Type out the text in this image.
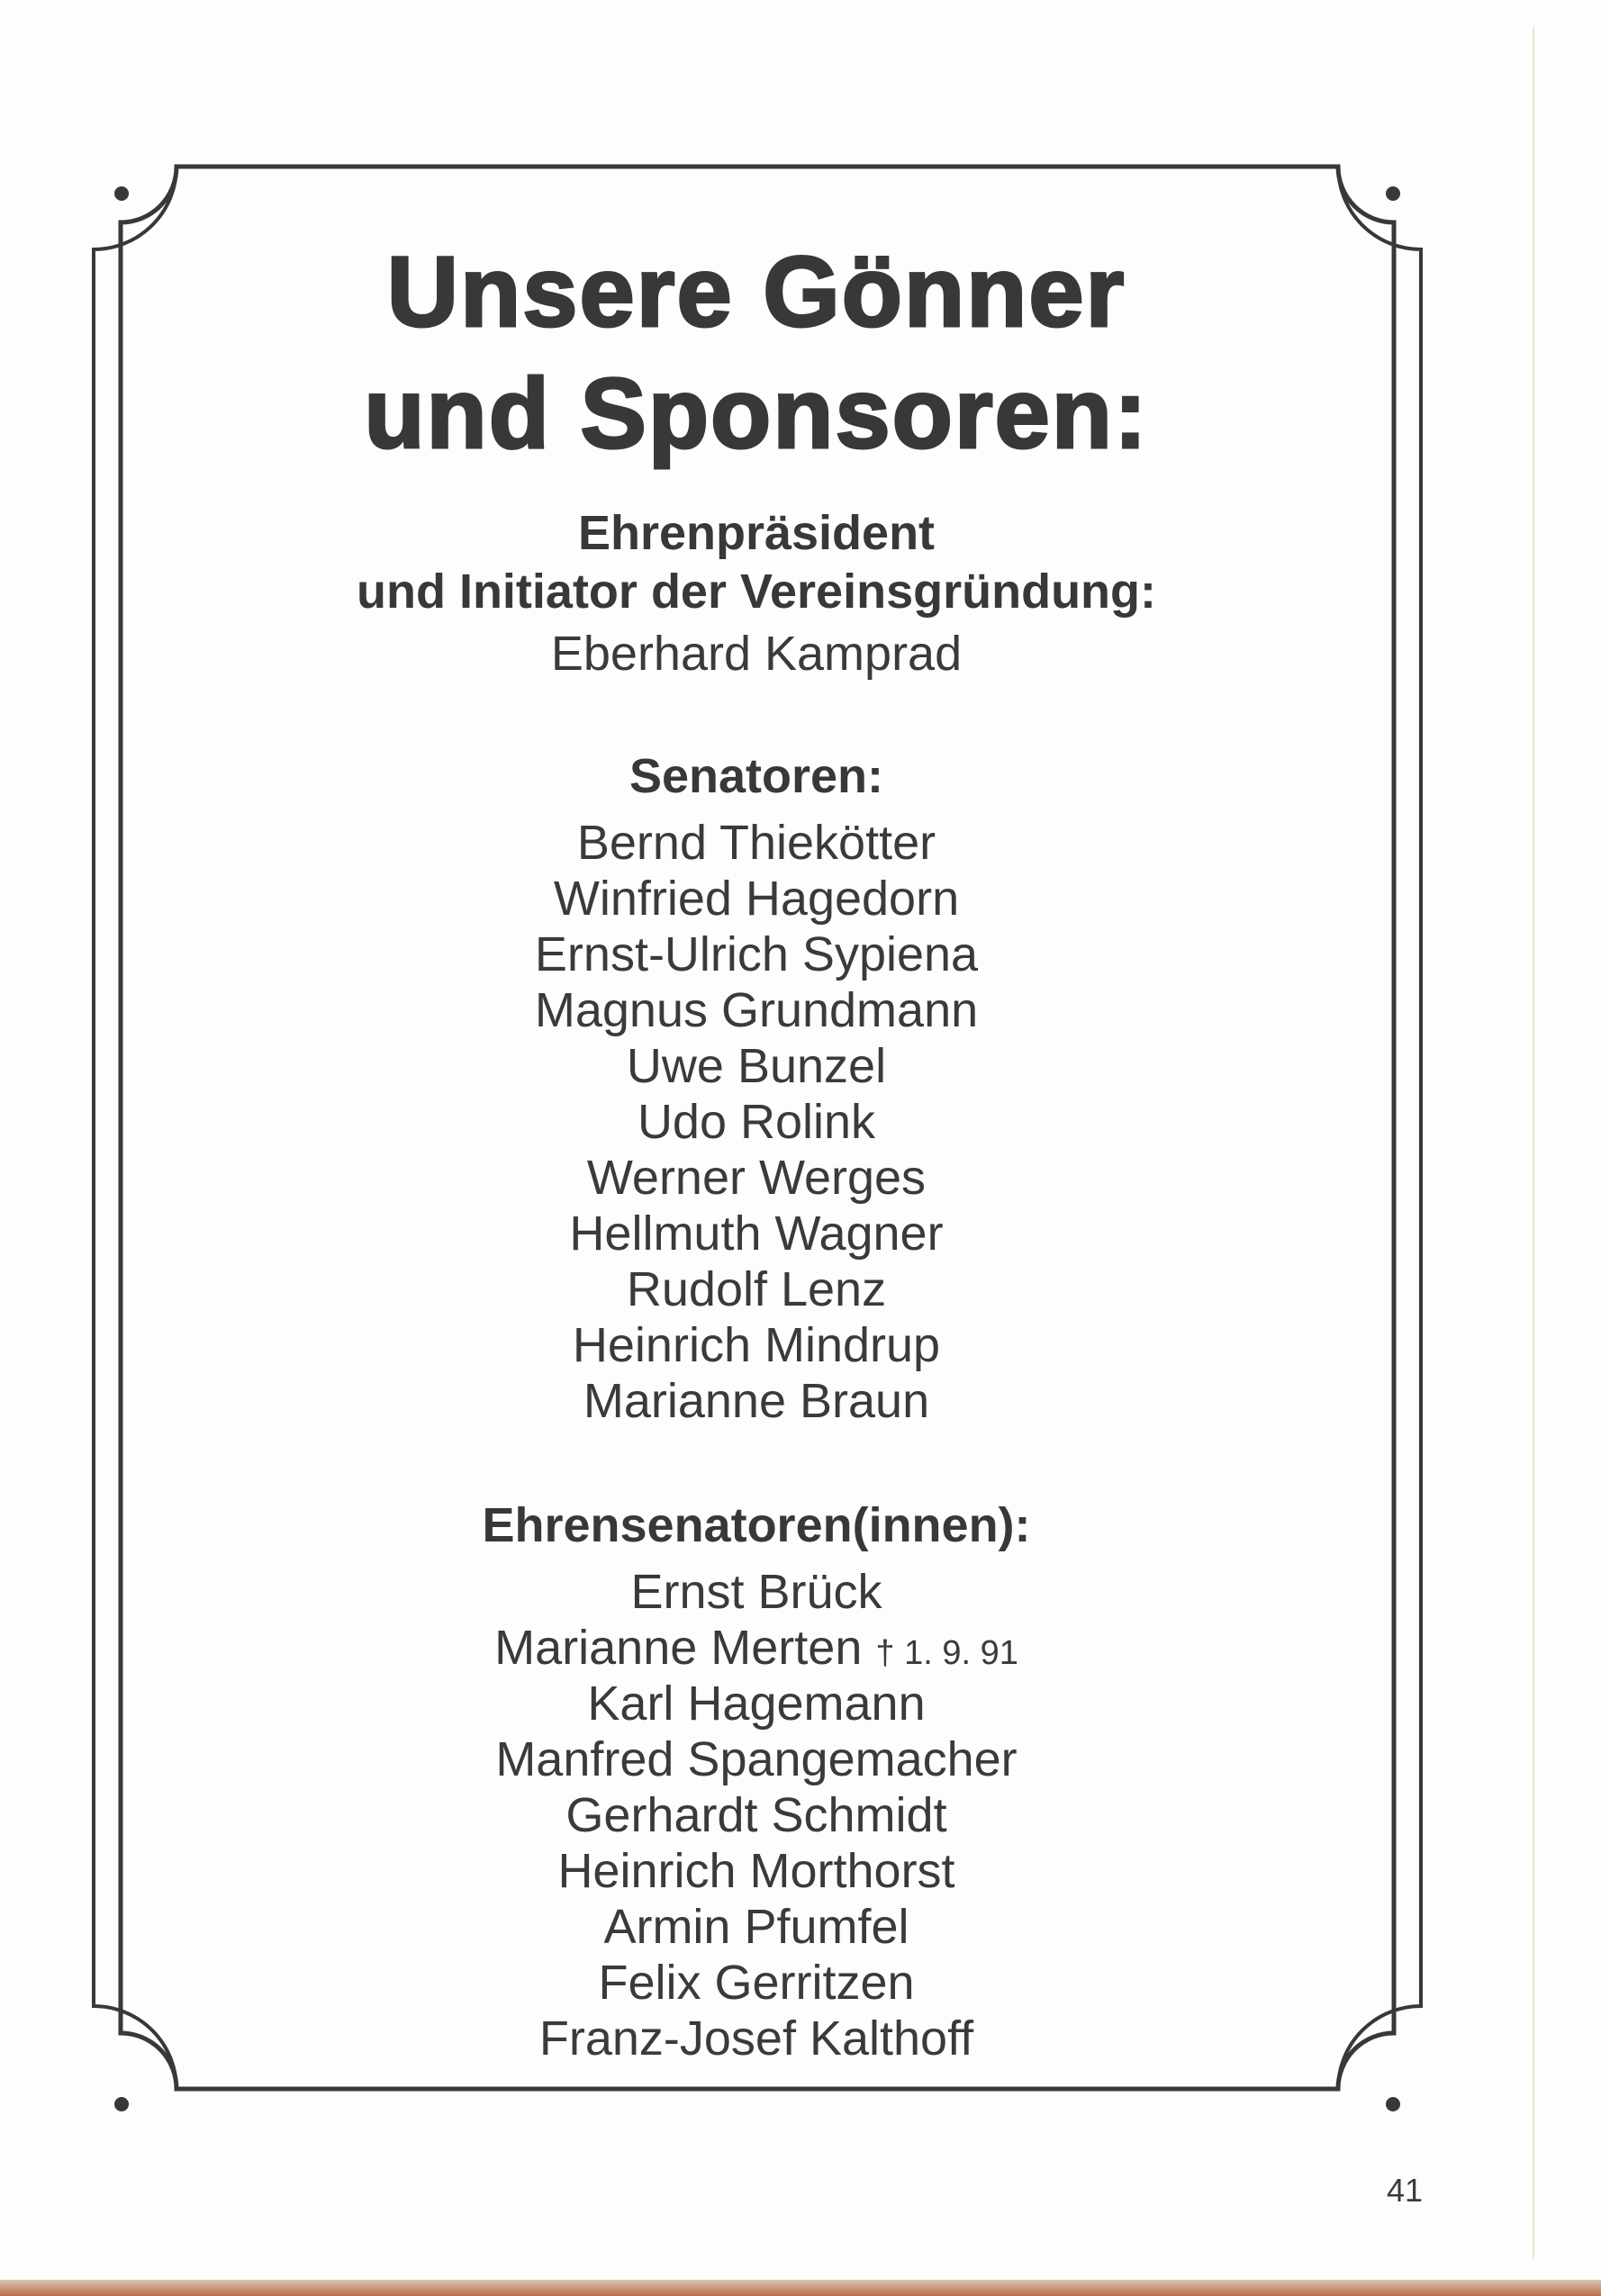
Unsere Gönner
und Sponsoren:
Ehrenpräsident
und Initiator der Vereinsgründung:
Eberhard Kamprad
Senatoren:
Bernd Thiekötter
Winfried Hagedorn
Ernst-Ulrich Sypiena
Magnus Grundmann
Uwe Bunzel
Udo Rolink
Werner Werges
Hellmuth Wagner
Rudolf Lenz
Heinrich Mindrup
Marianne Braun
Ehrensenatoren(innen):
Ernst Brück
Marianne Merten † 1. 9. 91
Karl Hagemann
Manfred Spangemacher
Gerhardt Schmidt
Heinrich Morthorst
Armin Pfumfel
Felix Gerritzen
Franz-Josef Kalthoff
41
